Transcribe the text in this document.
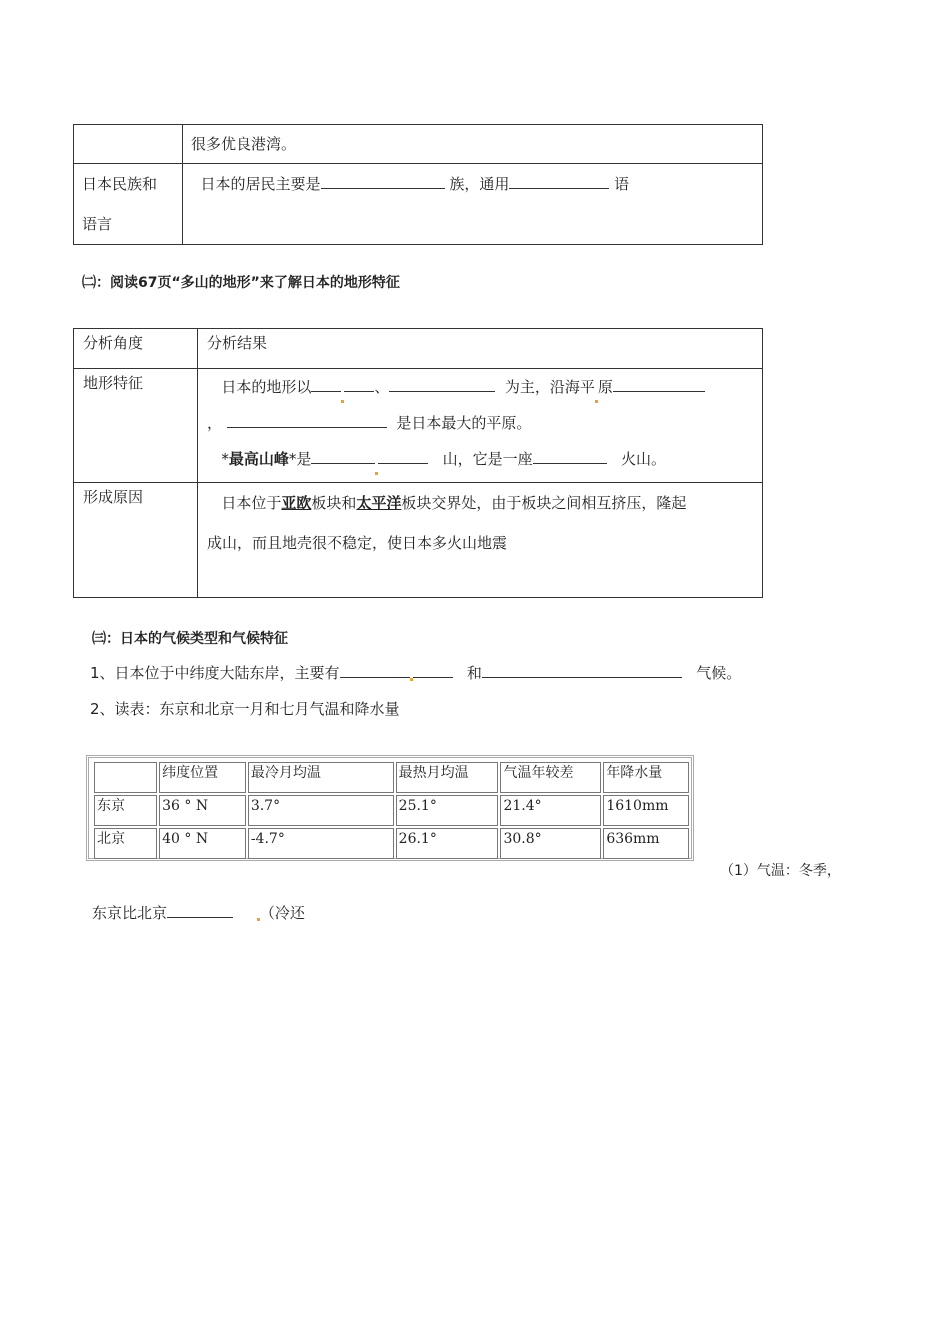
	很多优良港湾。

日本民族和
语言	日本的居民主要是 族，通用 语
㈡：阅读67页“多山的地形”来了解日本的地形特征
分析角度	分析结果
地形特征	日本的地形以 、 为主，沿海平 原
， 是日本最大的平原。
*最高山峰*是 山，它是一座 火山。

形成原因	日本位于亚欧板块和太平洋板块交界处，由于板块之间相互挤压，隆起
成山，而且地壳很不稳定，使日本多火山地震
㈢：日本的气候类型和气候特征
1、日本位于中纬度大陆东岸，主要有	和	气候。
2、读表：东京和北京一月和七月气温和降水量
	纬度位置	最冷月均温	最热月均温	气温年较差	年降水量
东京	36 ° N	3.7°	25.1°	21.4°	1610mm
北京	40 ° N	-4.7°	26.1°	30.8°	636mm
（1）气温：冬季，
东京比北京	（冷还
